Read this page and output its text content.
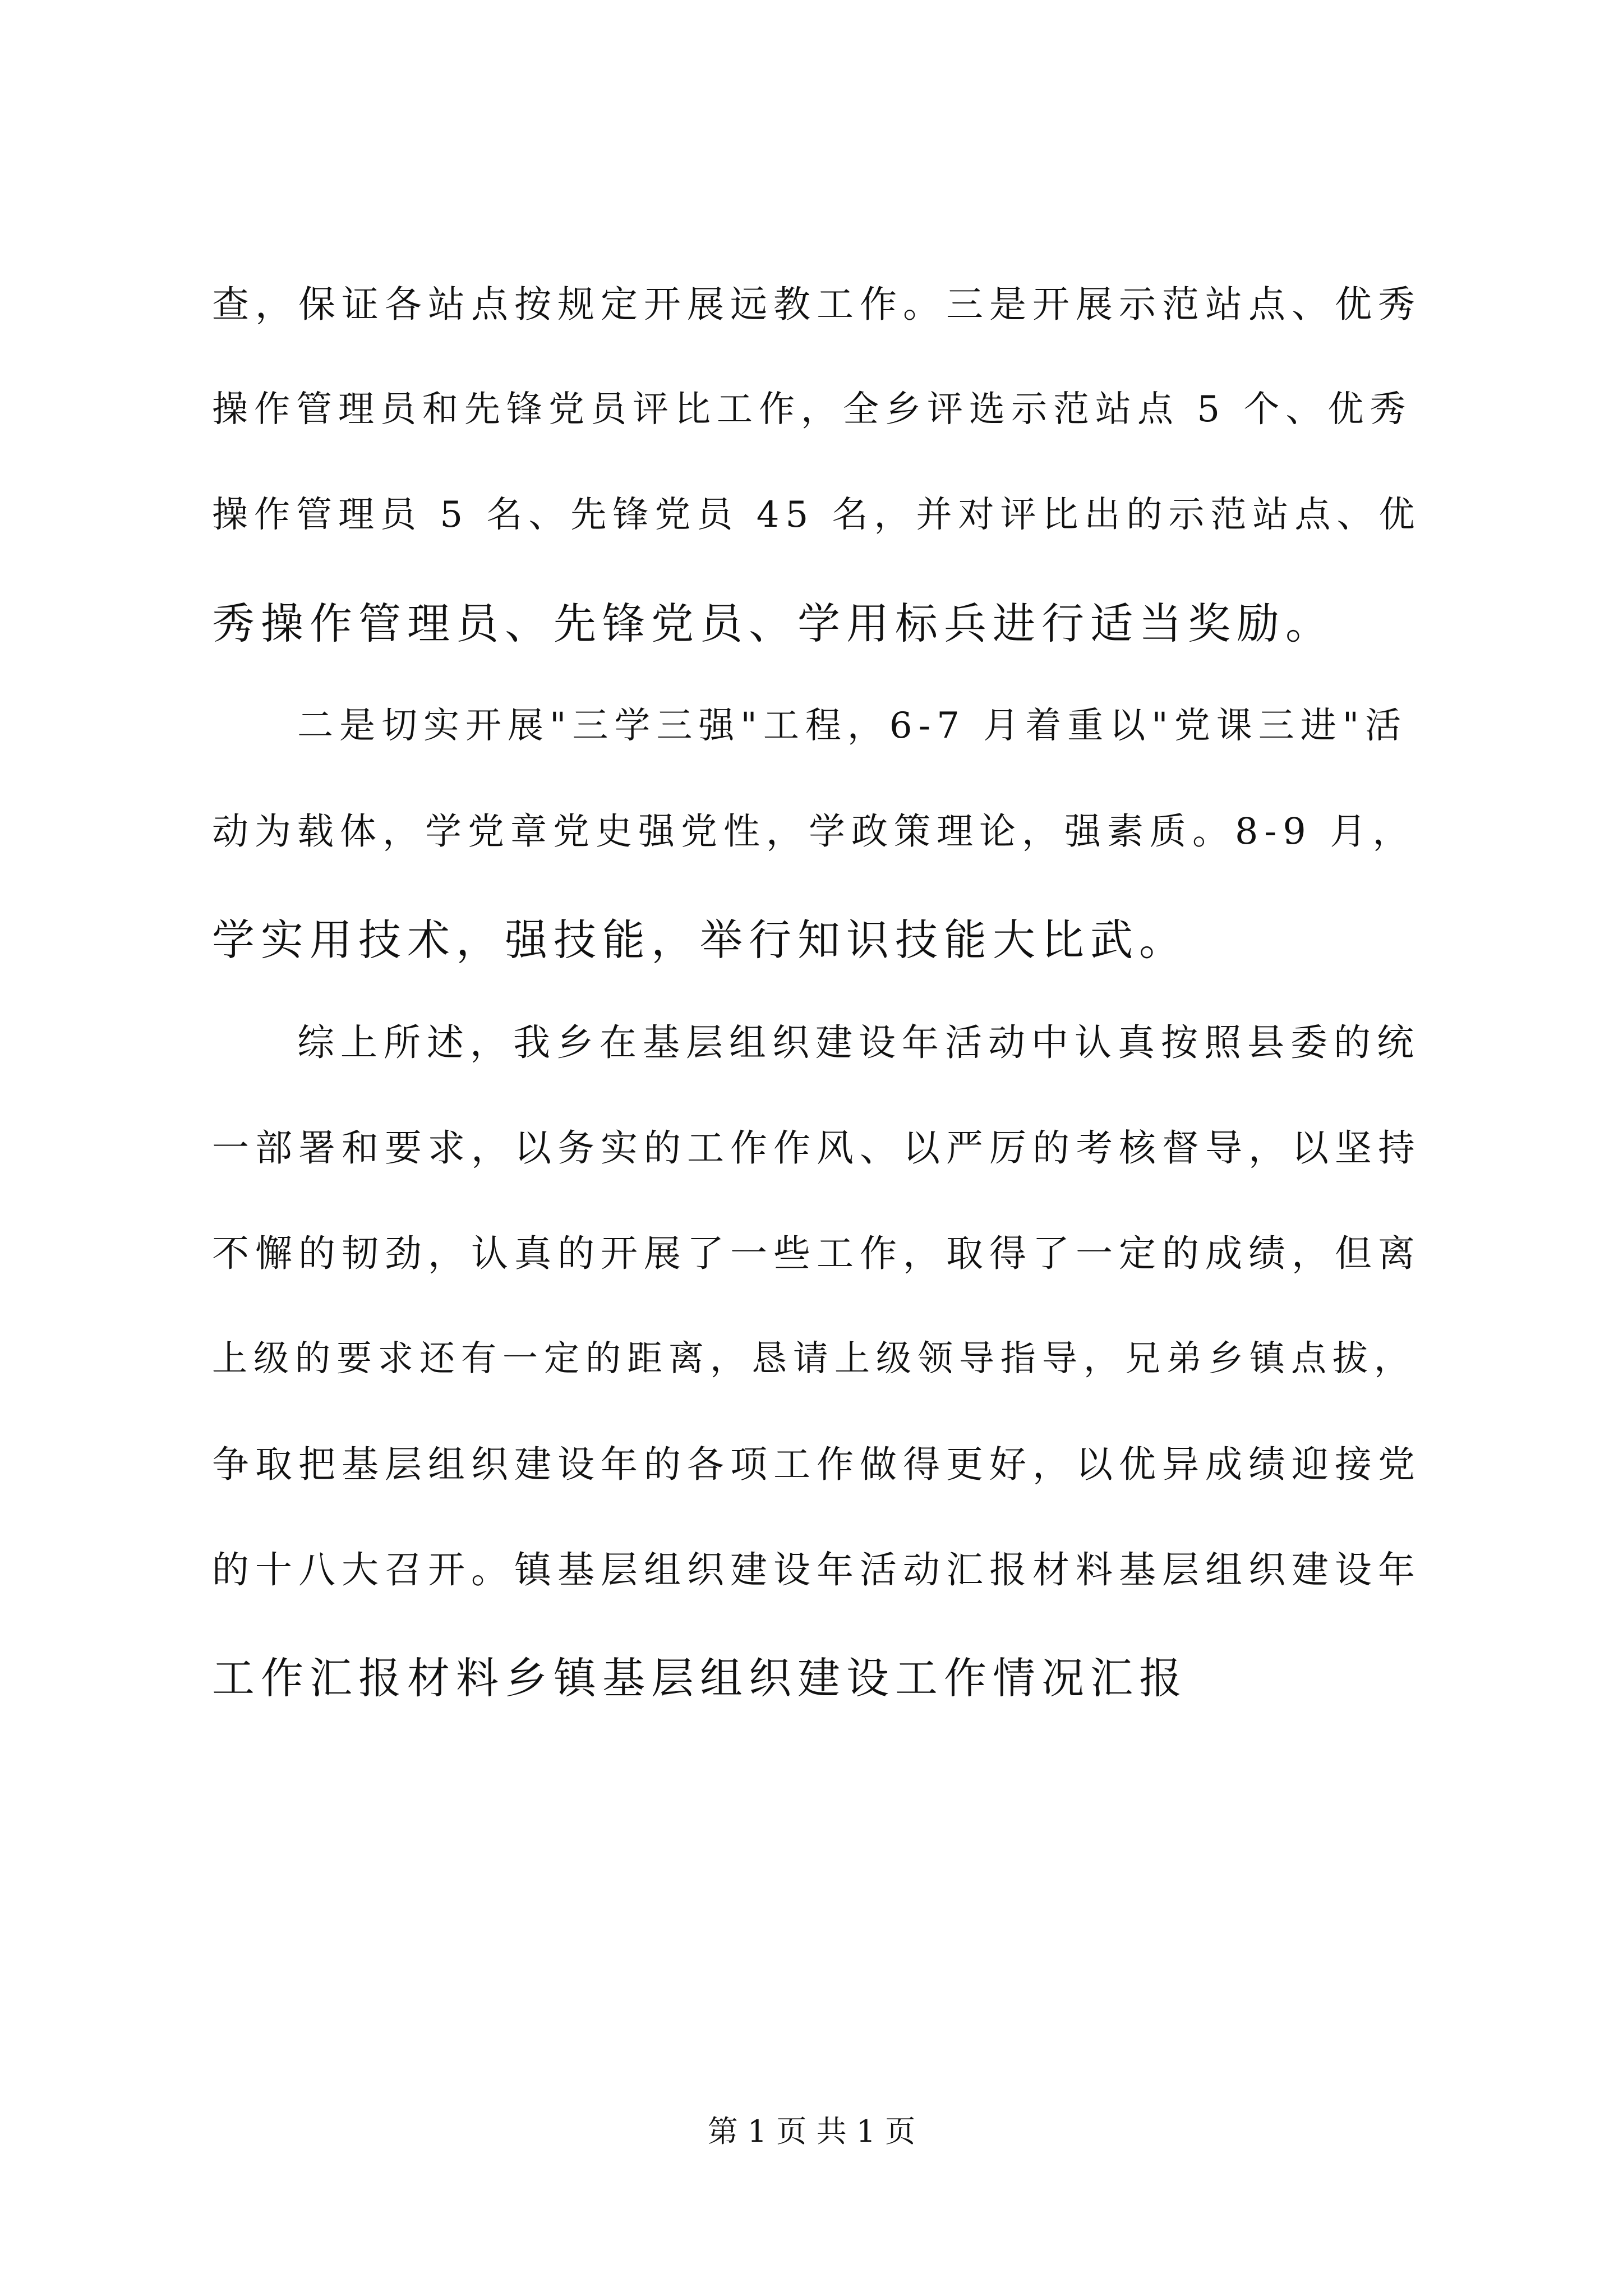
查，保证各站点按规定开展远教工作。三是开展示范站点、优秀
操作管理员和先锋党员评比工作，全乡评选示范站点 5 个、优秀
操作管理员 5 名、先锋党员 45 名，并对评比出的示范站点、优
秀操作管理员、先锋党员、学用标兵进行适当奖励。
二是切实开展"三学三强"工程，6-7 月着重以"党课三进"活
动为载体，学党章党史强党性，学政策理论，强素质。8-9 月，
学实用技术，强技能，举行知识技能大比武。
综上所述，我乡在基层组织建设年活动中认真按照县委的统
一部署和要求，以务实的工作作风、以严厉的考核督导，以坚持
不懈的韧劲，认真的开展了一些工作，取得了一定的成绩，但离
上级的要求还有一定的距离，恳请上级领导指导，兄弟乡镇点拔，
争取把基层组织建设年的各项工作做得更好，以优异成绩迎接党
的十八大召开。镇基层组织建设年活动汇报材料基层组织建设年
工作汇报材料乡镇基层组织建设工作情况汇报
第 1 页 共 1 页
